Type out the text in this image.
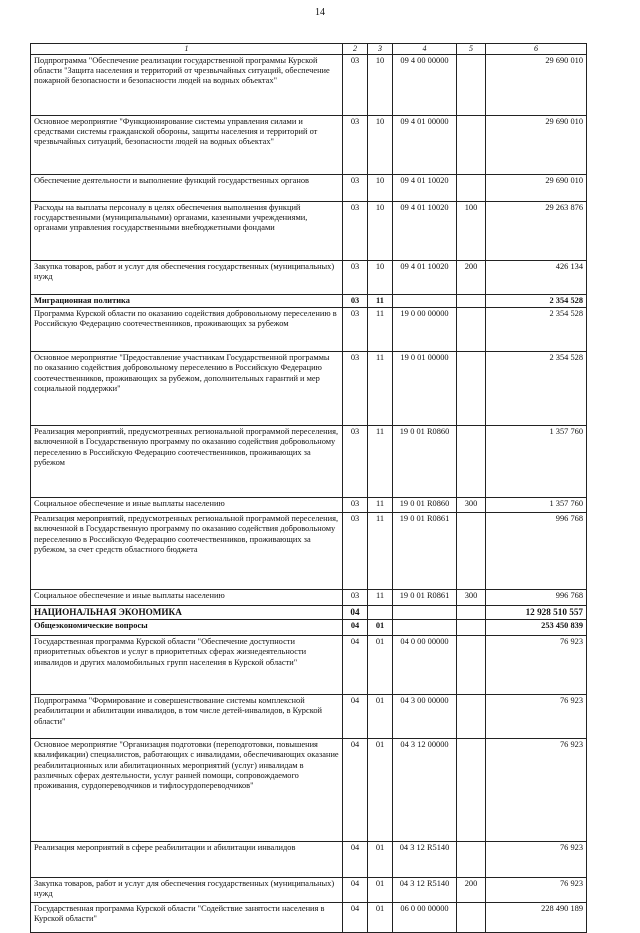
14
1	2	3	4	5	6
Подпрограмма "Обеспечение реализации государственной программы Курской области "Защита населения и территорий от чрезвычайных ситуаций, обеспечение пожарной безопасности и безопасности людей на водных объектах"	03	10	09 4 00 00000		29 690 010
Основное мероприятие "Функционирование системы управления силами и средствами системы гражданской обороны, защиты населения и территорий от чрезвычайных ситуаций, безопасности людей на водных объектах"	03	10	09 4 01 00000		29 690 010
Обеспечение деятельности и выполнение функций государственных органов	03	10	09 4 01 10020		29 690 010
Расходы на выплаты персоналу в целях обеспечения выполнения функций государственными (муниципальными) органами, казенными учреждениями, органами управления государственными внебюджетными фондами	03	10	09 4 01 10020	100	29 263 876
Закупка товаров, работ и услуг для обеспечения государственных (муниципальных) нужд	03	10	09 4 01 10020	200	426 134
Миграционная политика	03	11			2 354 528
Программа Курской области по оказанию содействия добровольному переселению в Российскую Федерацию соотечественников, проживающих за рубежом	03	11	19 0 00 00000		2 354 528
Основное мероприятие "Предоставление участникам Государственной программы по оказанию содействия добровольному переселению в Российскую Федерацию соотечественников, проживающих за рубежом, дополнительных гарантий и мер социальной поддержки"	03	11	19 0 01 00000		2 354 528
Реализация мероприятий, предусмотренных региональной программой переселения, включенной в Государственную программу по оказанию содействия добровольному переселению в Российскую Федерацию соотечественников, проживающих за рубежом	03	11	19 0 01 R0860		1 357 760
Социальное обеспечение и иные выплаты населению	03	11	19 0 01 R0860	300	1 357 760
Реализация мероприятий, предусмотренных региональной программой переселения, включенной в Государственную программу по оказанию содействия добровольному переселению в Российскую Федерацию соотечественников, проживающих за рубежом, за счет средств областного бюджета	03	11	19 0 01 R0861		996 768
Социальное обеспечение и иные выплаты населению	03	11	19 0 01 R0861	300	996 768
НАЦИОНАЛЬНАЯ ЭКОНОМИКА	04				12 928 510 557
Общеэкономические вопросы	04	01			253 450 839
Государственная программа Курской области "Обеспечение доступности приоритетных объектов и услуг в приоритетных сферах жизнедеятельности инвалидов и других маломобильных групп населения в Курской области"	04	01	04 0 00 00000		76 923
Подпрограмма "Формирование и совершенствование системы комплексной реабилитации и абилитации инвалидов, в том числе детей-инвалидов, в Курской области"	04	01	04 3 00 00000		76 923
Основное мероприятие "Организация подготовки (переподготовки, повышения квалификации) специалистов, работающих с инвалидами, обеспечивающих оказание реабилитационных или абилитационных мероприятий (услуг) инвалидам в различных сферах деятельности, услуг ранней помощи, сопровождаемого проживания, сурдопереводчиков и тифлосурдопереводчиков"	04	01	04 3 12 00000		76 923
Реализация мероприятий в сфере реабилитации и абилитации инвалидов	04	01	04 3 12 R5140		76 923
Закупка товаров, работ и услуг для обеспечения государственных (муниципальных) нужд	04	01	04 3 12 R5140	200	76 923
Государственная программа Курской области "Содействие занятости населения в Курской области"	04	01	06 0 00 00000		228 490 189
